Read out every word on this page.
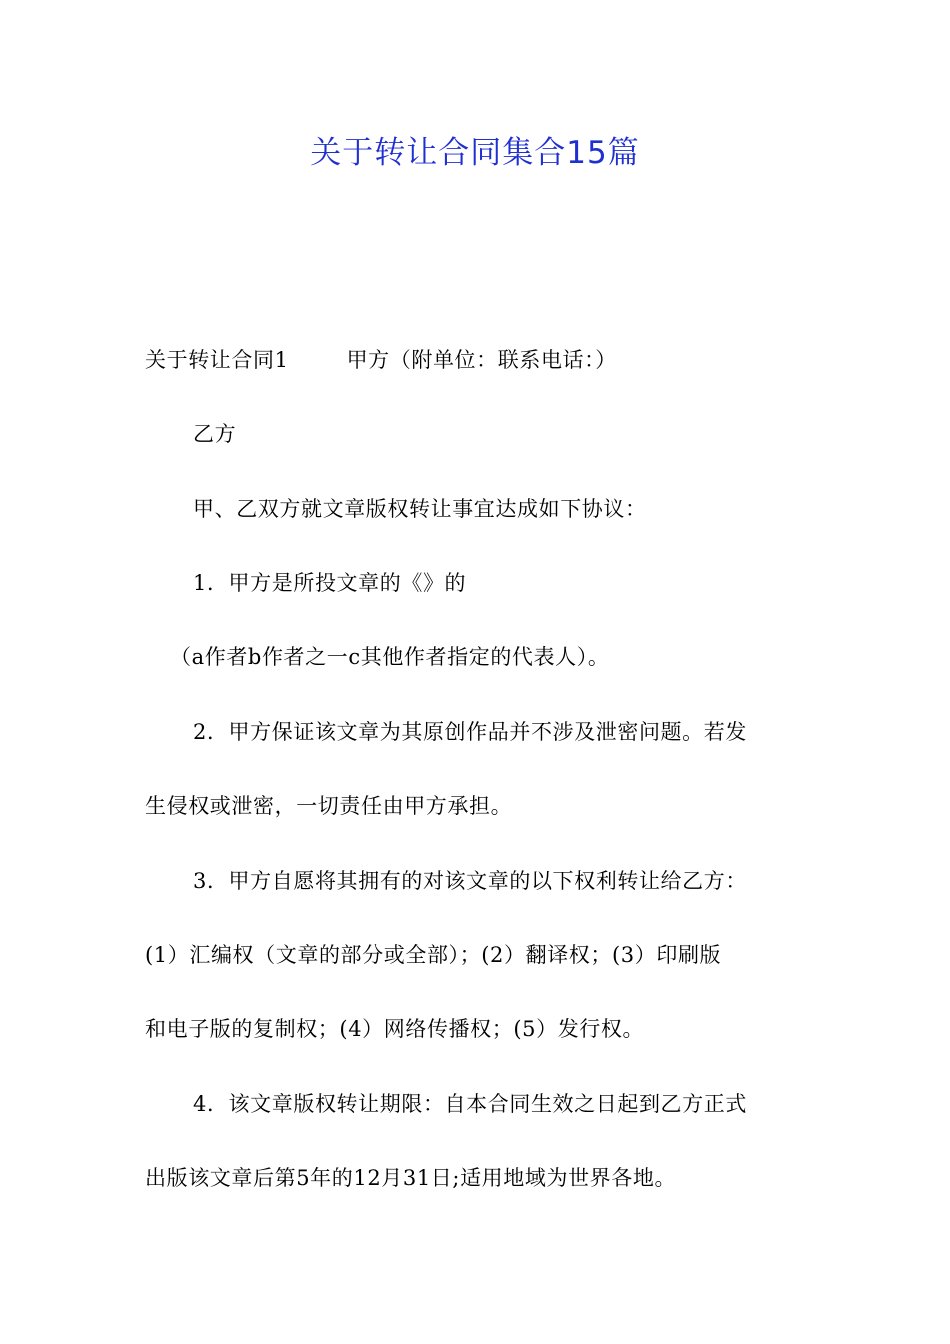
关于转让合同集合15篇
关于转让合同1	甲方（附单位：联系电话：）
乙方
甲、乙双方就文章版权转让事宜达成如下协议：
1．甲方是所投文章的《》的
（a作者b作者之一c其他作者指定的代表人）。
2．甲方保证该文章为其原创作品并不涉及泄密问题。若发
生侵权或泄密，一切责任由甲方承担。
3．甲方自愿将其拥有的对该文章的以下权利转让给乙方：
(1）汇编权（文章的部分或全部）；(2）翻译权；(3）印刷版
和电子版的复制权；(4）网络传播权；(5）发行权。
4．该文章版权转让期限：自本合同生效之日起到乙方正式
出版该文章后第5年的12月31日;适用地域为世界各地。
